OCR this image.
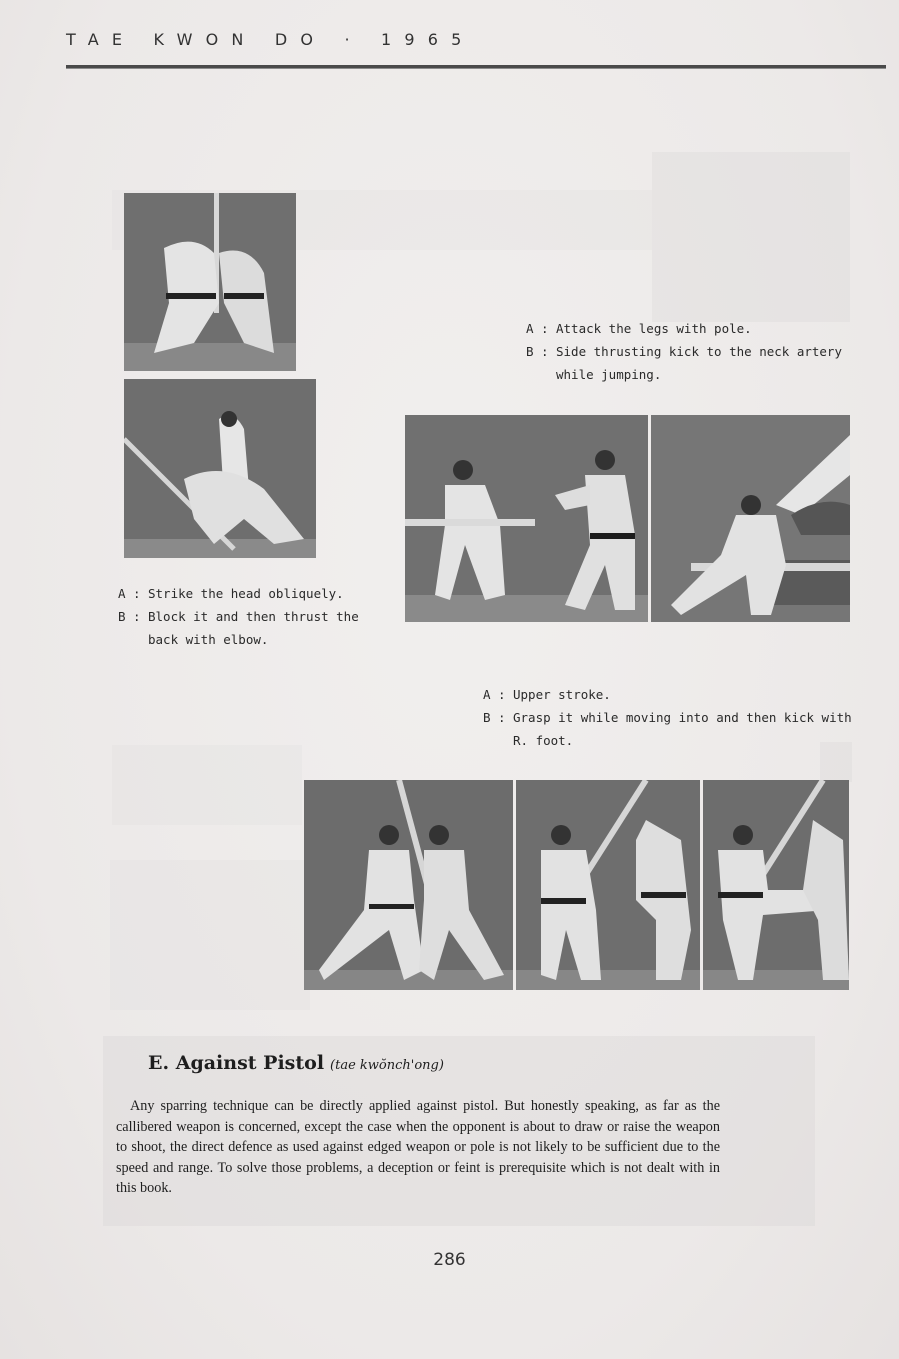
TAE KWON DO · 1965
A : Strike the head obliquely.
B : Block it and then thrust the
back with elbow.
A : Attack the legs with pole.
B : Side thrusting kick to the neck artery
while jumping.
A : Upper stroke.
B : Grasp it while moving into and then kick with
R. foot.
E. Against Pistol (tae kwŏnch'ong)
Any sparring technique can be directly applied against pistol. But honestly speaking, as far as the callibered weapon is concerned, except the case when the opponent is about to draw or raise the weapon to shoot, the direct defence as used against edged weapon or pole is not likely to be sufficient due to the speed and range. To solve those problems, a deception or feint is prerequisite which is not dealt with in this book.
286
